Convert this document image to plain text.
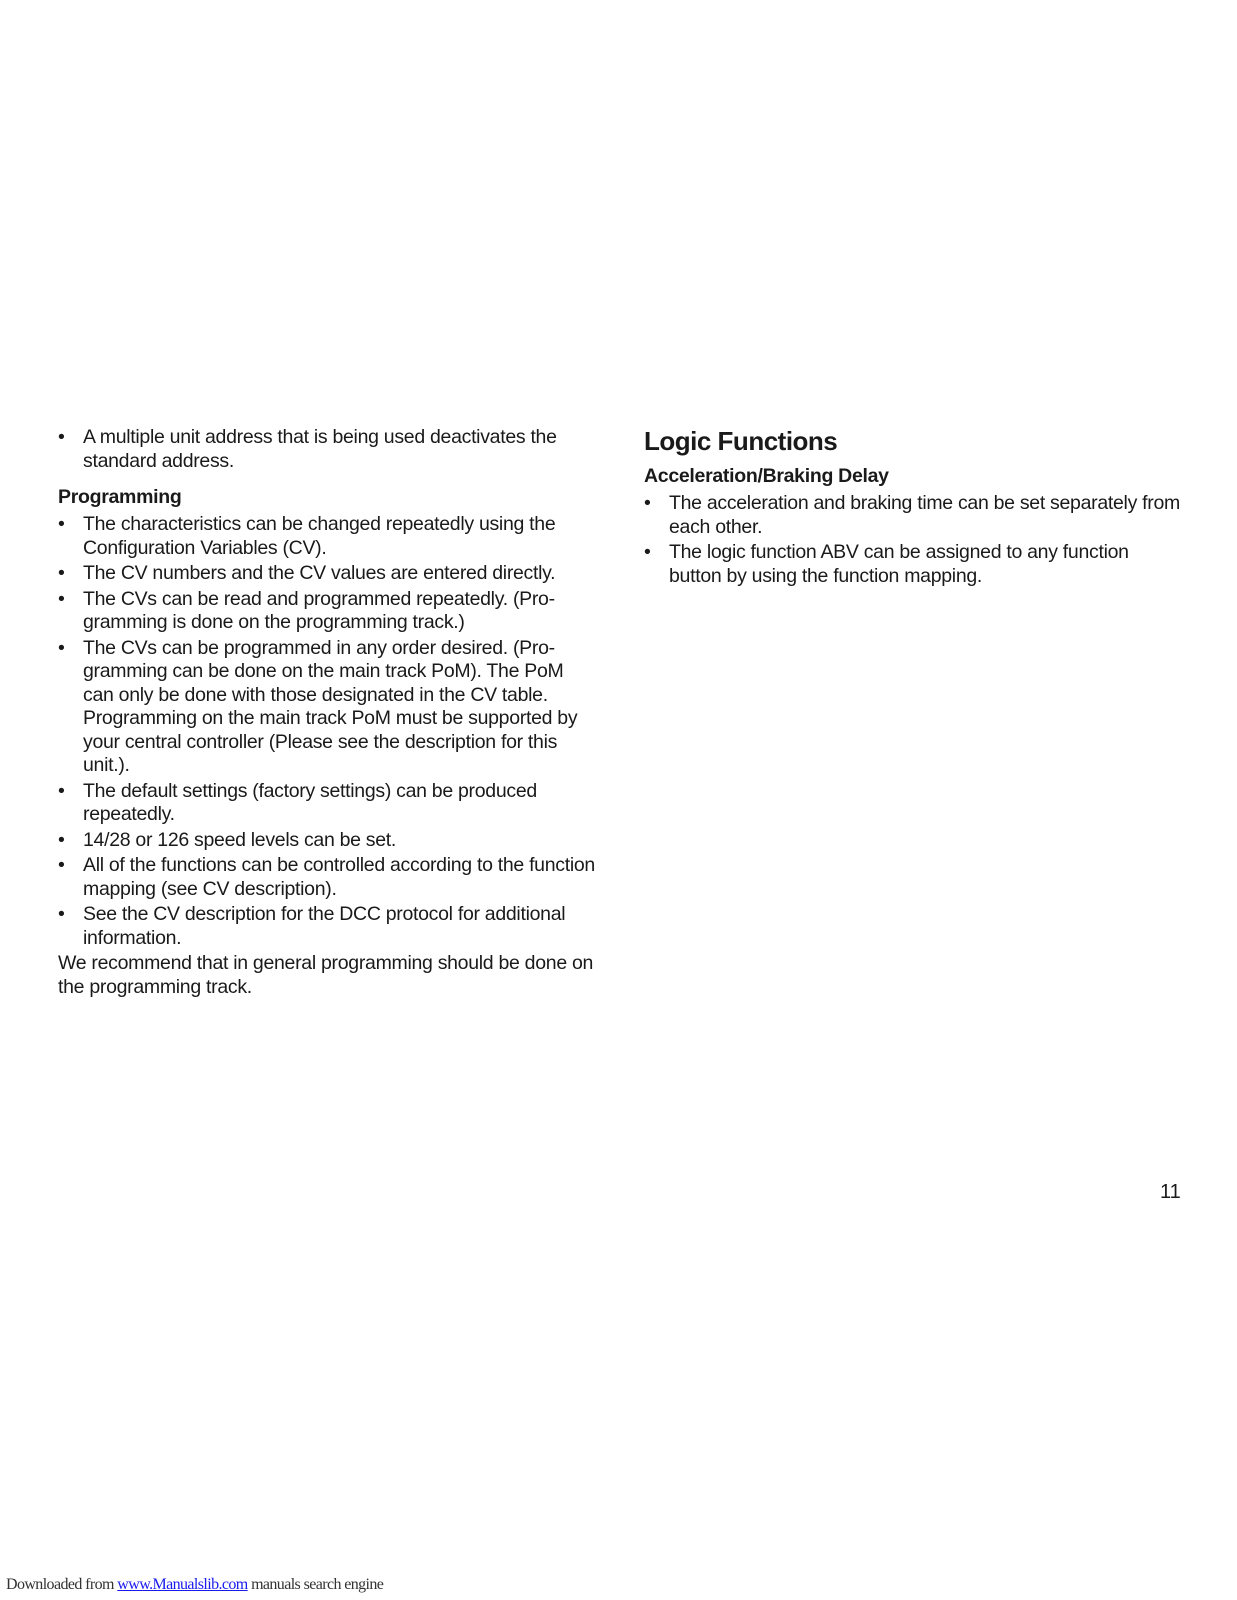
• A multiple unit address that is being used deactivates the standard address.
Programming
• The characteristics can be changed repeatedly using the Configuration Variables (CV).
• The CV numbers and the CV values are entered directly.
• The CVs can be read and programmed repeatedly. (Pro-gramming is done on the programming track.)
• The CVs can be programmed in any order desired. (Pro-gramming can be done on the main track PoM). The PoM can only be done with those designated in the CV table. Programming on the main track PoM must be supported by your central controller (Please see the description for this unit.).
• The default settings (factory settings) can be produced repeatedly.
• 14/28 or 126 speed levels can be set.
• All of the functions can be controlled according to the function mapping (see CV description).
• See the CV description for the DCC protocol for additional information.

We recommend that in general programming should be done on the programming track.

Logic Functions
Acceleration/Braking Delay
• The acceleration and braking time can be set separately from each other.
• The logic function ABV can be assigned to any function button by using the function mapping.
11
Downloaded from www.Manualslib.com manuals search engine
